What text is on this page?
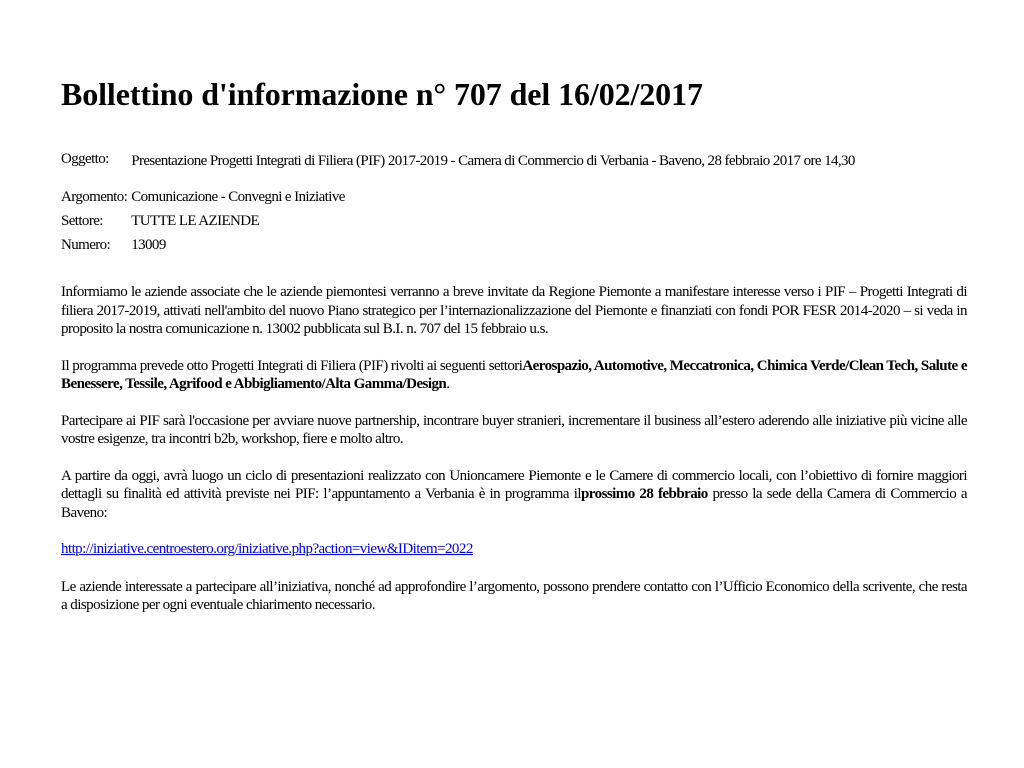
Bollettino d'informazione n° 707 del 16/02/2017
Oggetto:	Presentazione Progetti Integrati di Filiera (PIF) 2017-2019 - Camera di Commercio di Verbania - Baveno, 28 febbraio 2017 ore 14,30
Argomento:	Comunicazione - Convegni e Iniziative
Settore:	TUTTE LE AZIENDE
Numero:	13009

Informiamo le aziende associate che le aziende piemontesi verranno a breve invitate da Regione Piemonte a manifestare interesse verso i PIF – Progetti Integrati di filiera 2017-2019, attivati nell'ambito del nuovo Piano strategico per l’internazionalizzazione del Piemonte e finanziati con fondi POR FESR 2014-2020 – si veda in proposito la nostra comunicazione n. 13002 pubblicata sul B.I. n. 707 del 15 febbraio u.s.

Il programma prevede otto Progetti Integrati di Filiera (PIF) rivolti ai seguenti settoriAerospazio, Automotive, Meccatronica, Chimica Verde/Clean Tech, Salute e Benessere, Tessile, Agrifood e Abbigliamento/Alta Gamma/Design.

Partecipare ai PIF sarà l'occasione per avviare nuove partnership, incontrare buyer stranieri, incrementare il business all’estero aderendo alle iniziative più vicine alle vostre esigenze, tra incontri b2b, workshop, fiere e molto altro.

A partire da oggi, avrà luogo un ciclo di presentazioni realizzato con Unioncamere Piemonte e le Camere di commercio locali, con l’obiettivo di fornire maggiori dettagli su finalità ed attività previste nei PIF: l’appuntamento a Verbania è in programma ilprossimo 28 febbraio presso la sede della Camera di Commercio a Baveno:

http://iniziative.centroestero.org/iniziative.php?action=view&IDitem=2022

Le aziende interessate a partecipare all’iniziativa, nonché ad approfondire l’argomento, possono prendere contatto con l’Ufficio Economico della scrivente, che resta a disposizione per ogni eventuale chiarimento necessario.
